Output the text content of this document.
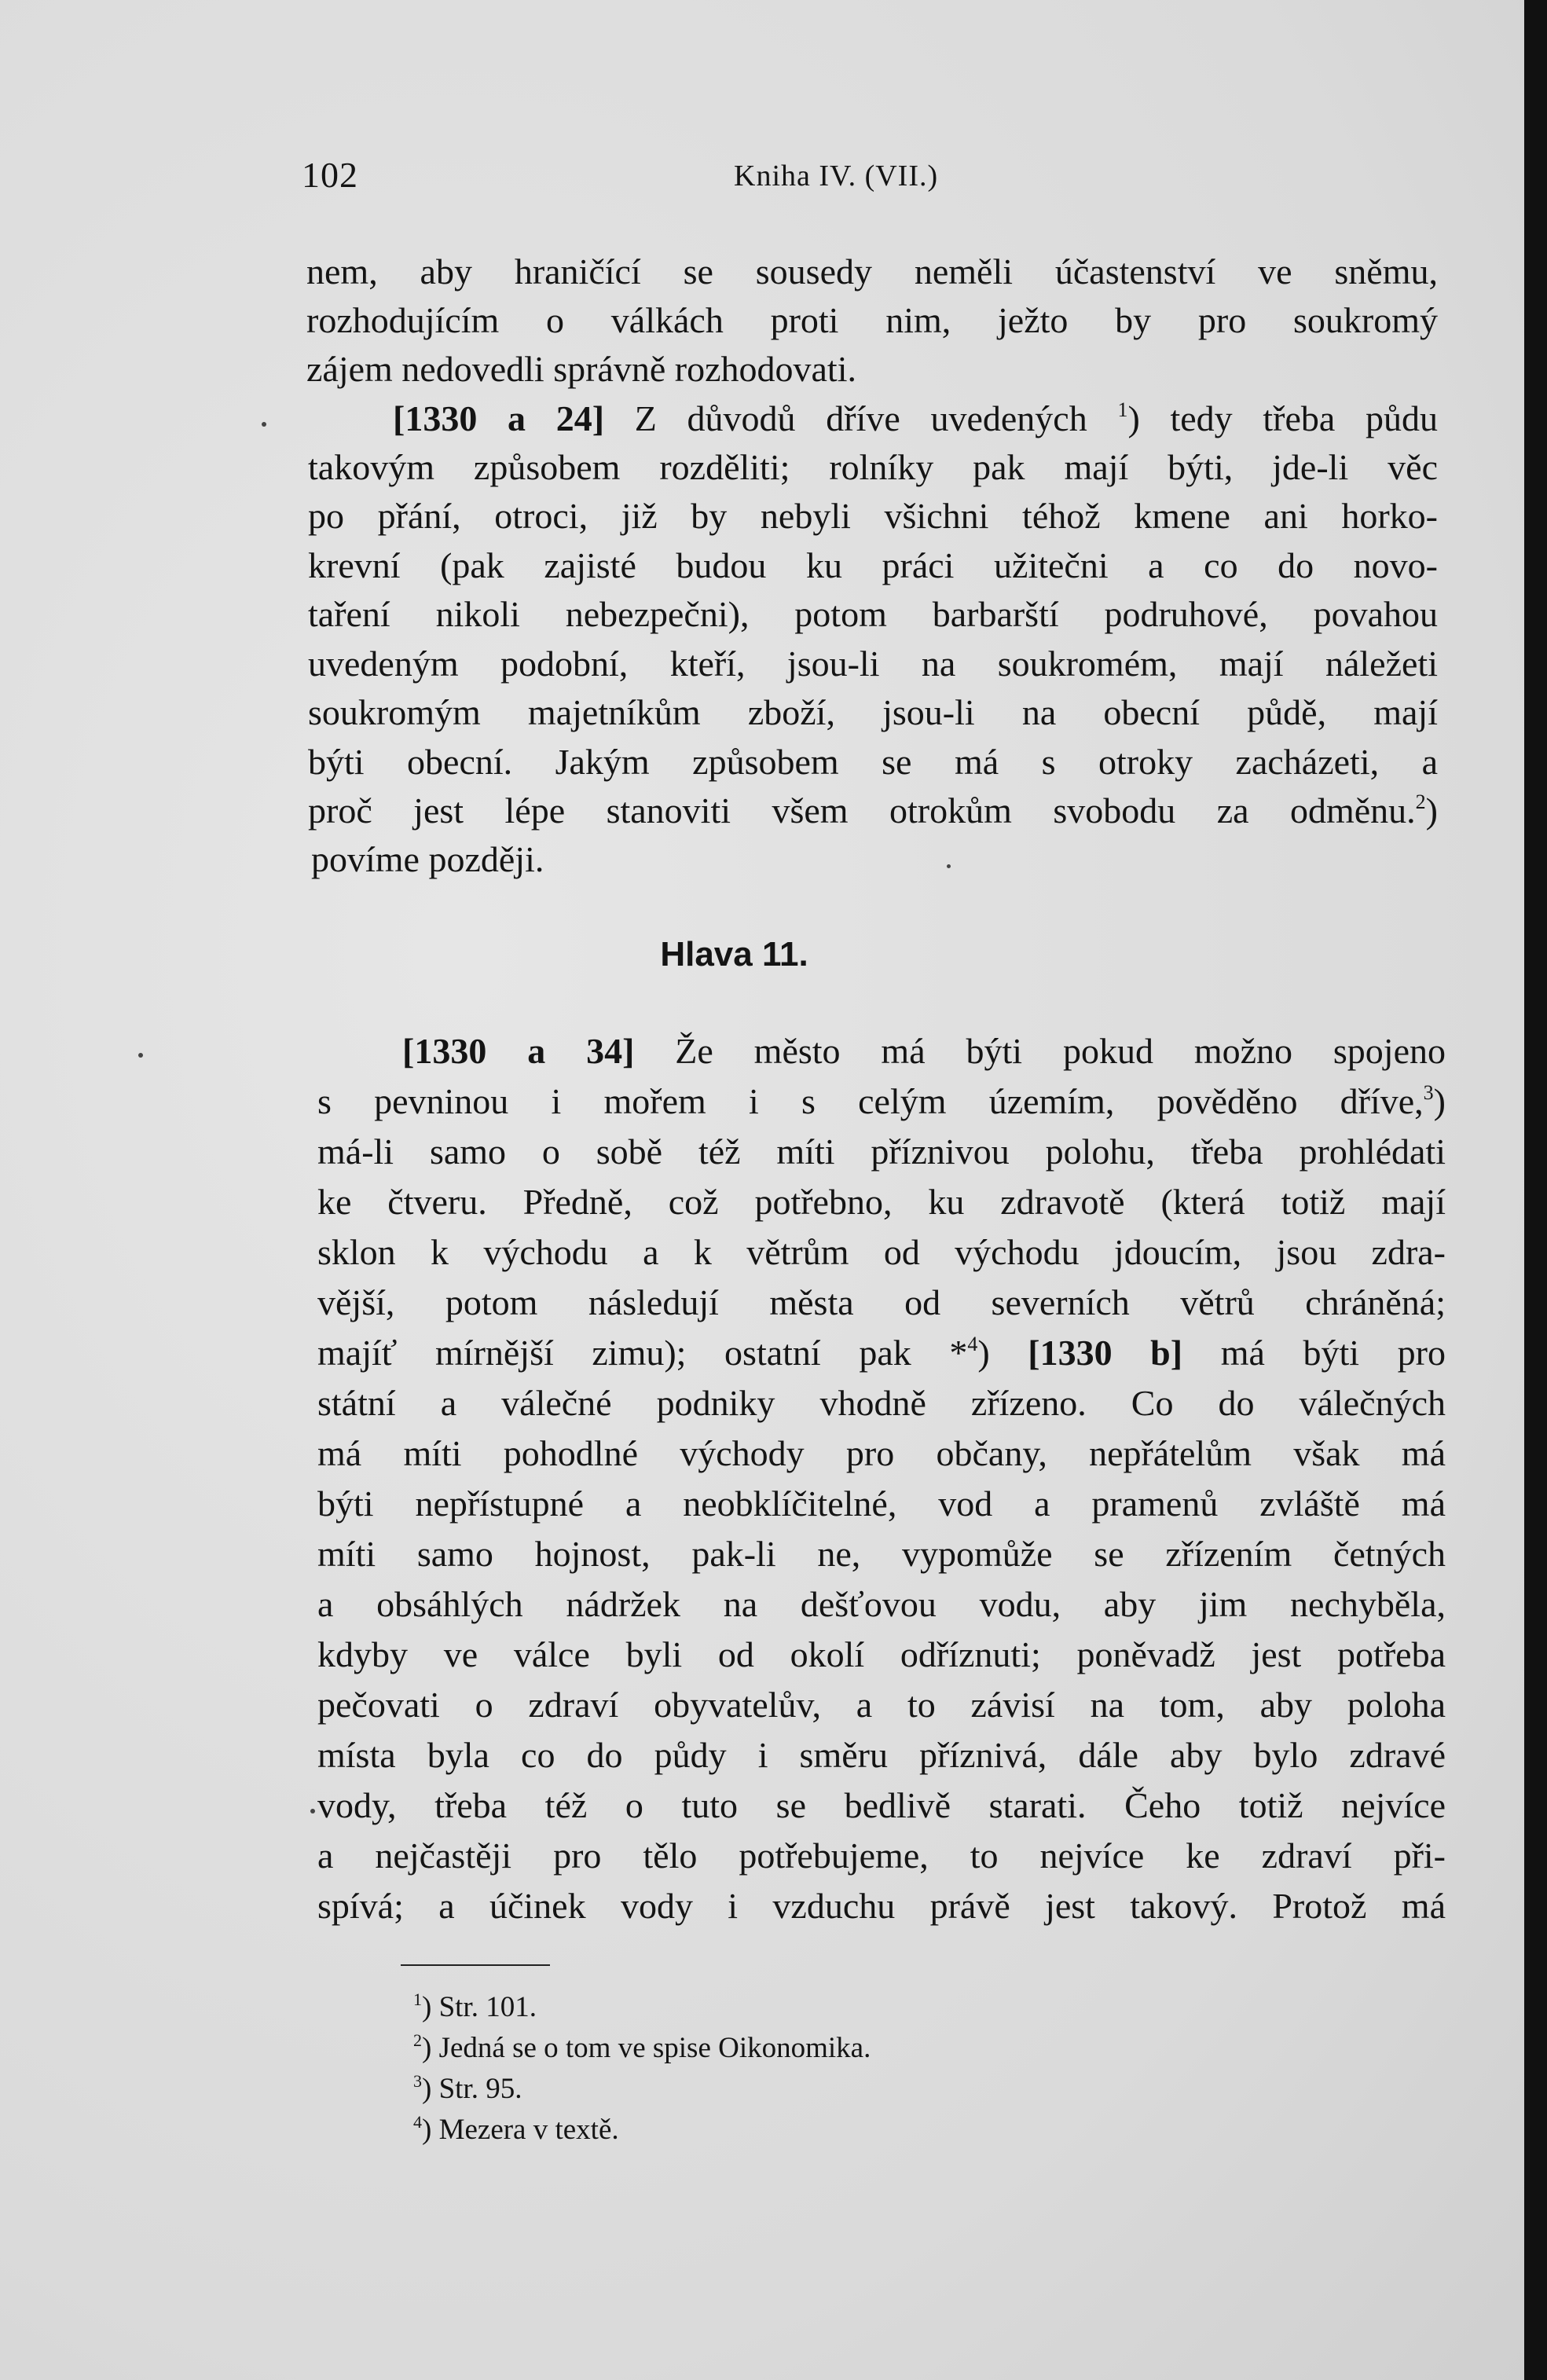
102	Kniha IV. (VII.)
nem, aby hraničící se sousedy neměli účastenství ve sněmu,
rozhodujícím o válkách proti nim, ježto by pro soukromý
zájem nedovedli správně rozhodovati.
[1330 a 24] Z důvodů dříve uvedených $^1$) tedy třeba půdu
takovým způsobem rozděliti; rolníky pak mají býti, jde-li věc
po přání, otroci, již by nebyli všichni téhož kmene ani horko-
krevní (pak zajisté budou ku práci užitečni a co do novo-
taření nikoli nebezpečni), potom barbarští podruhové, povahou
uvedeným podobní, kteří, jsou-li na soukromém, mají náležeti
soukromým majetníkům zboží, jsou-li na obecní půdě, mají
býti obecní. Jakým způsobem se má s otroky zacházeti, a
proč jest lépe stanoviti všem otrokům svobodu za odměnu.$^2$)
povíme později.
Hlava 11.
[1330 a 34] Že město má býti pokud možno spojeno
s pevninou i mořem i s celým územím, pověděno dříve,$^3$)
má-li samo o sobě též míti příznivou polohu, třeba prohlédati
ke čtveru. Předně, což potřebno, ku zdravotě (která totiž mají
sklon k východu a k větrům od východu jdoucím, jsou zdra-
vější, potom následují města od severních větrů chráněná;
majíť mírnější zimu); ostatní pak *$^4$) [1330 b] má býti pro
státní a válečné podniky vhodně zřízeno. Co do válečných
má míti pohodlné východy pro občany, nepřátelům však má
býti nepřístupné a neobklíčitelné, vod a pramenů zvláště má
míti samo hojnost, pak-li ne, vypomůže se zřízením četných
a obsáhlých nádržek na dešťovou vodu, aby jim nechyběla,
kdyby ve válce byli od okolí odříznuti; poněvadž jest potřeba
pečovati o zdraví obyvatelův, a to závisí na tom, aby poloha
místa byla co do půdy i směru příznivá, dále aby bylo zdravé
vody, třeba též o tuto se bedlivě starati. Čeho totiž nejvíce
a nejčastěji pro tělo potřebujeme, to nejvíce ke zdraví při-
spívá; a účinek vody i vzduchu právě jest takový. Protož má
$^1$) Str. 101.
$^2$) Jedná se o tom ve spise Oikonomika.
$^3$) Str. 95.
$^4$) Mezera v textě.
